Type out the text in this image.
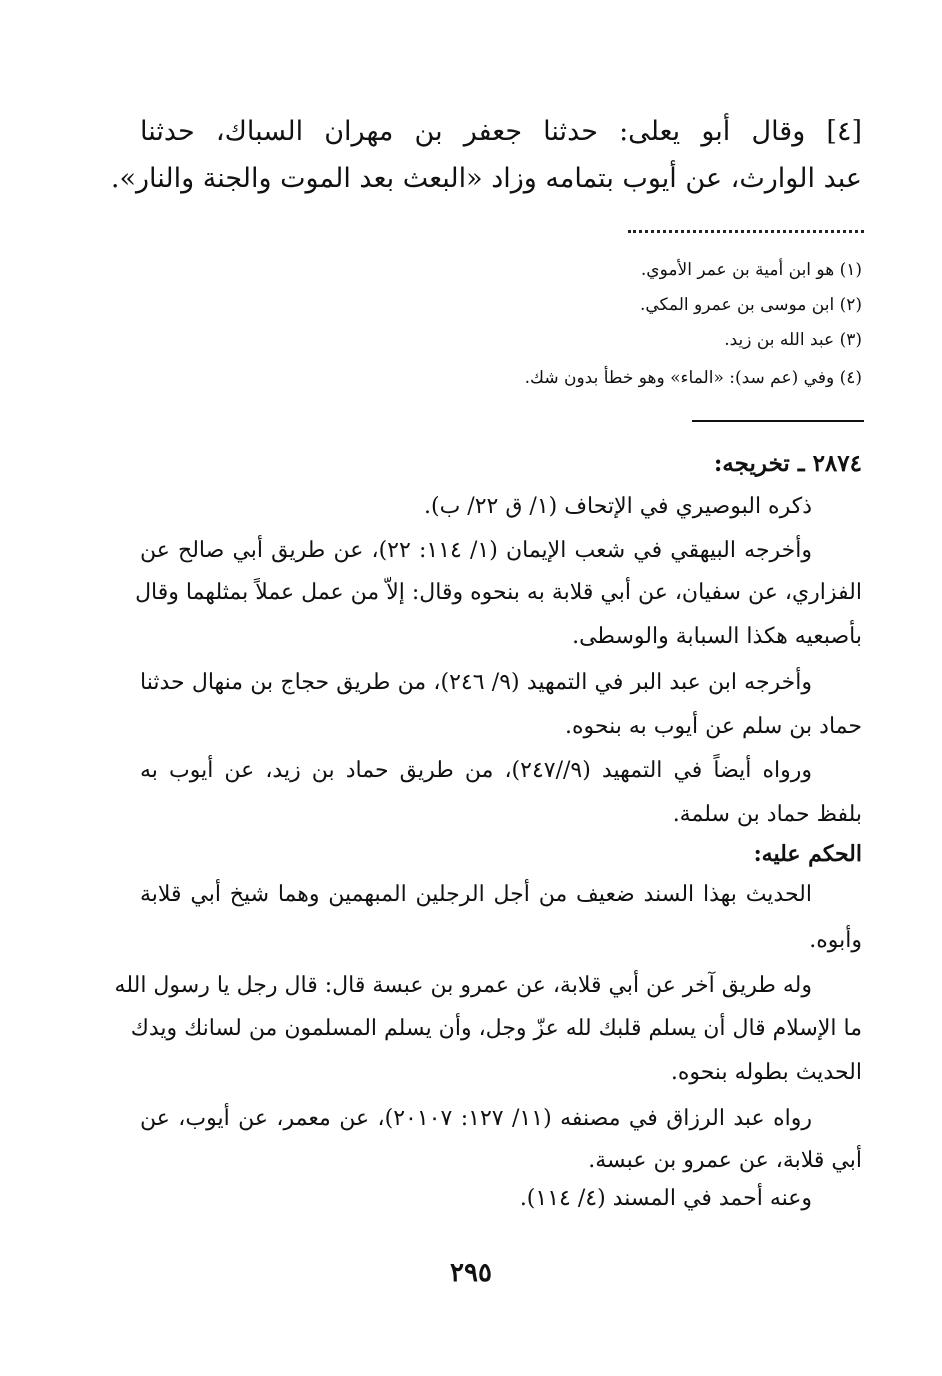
[٤] وقال أبو يعلى: حدثنا جعفر بن مهران السباك، حدثنا

عبد الوارث، عن أيوب بتمامه وزاد «البعث بعد الموت والجنة والنار».

(١) هو ابن أمية بن عمر الأموي.

(٢) ابن موسى بن عمرو المكي.

(٣) عبد الله بن زيد.

(٤) وفي (عم سد): «الماء» وهو خطأ بدون شك.

٢٨٧٤ ـ تخريجه:

ذكره البوصيري في الإتحاف (١/ ق ٢٢/ ب).

وأخرجه البيهقي في شعب الإيمان (١/ ١١٤: ٢٢)، عن طريق أبي صالح عن

الفزاري، عن سفيان، عن أبي قلابة به بنحوه وقال: إلاّ من عمل عملاً بمثلهما وقال

بأصبعيه هكذا السبابة والوسطى.

وأخرجه ابن عبد البر في التمهيد (٩/ ٢٤٦)، من طريق حجاج بن منهال حدثنا

حماد بن سلم عن أيوب به بنحوه.

ورواه أيضاً في التمهيد (٩//٢٤٧)، من طريق حماد بن زيد، عن أيوب به

بلفظ حماد بن سلمة.

الحكم عليه:

الحديث بهذا السند ضعيف من أجل الرجلين المبهمين وهما شيخ أبي قلابة

وأبوه.

وله طريق آخر عن أبي قلابة، عن عمرو بن عبسة قال: قال رجل يا رسول الله

ما الإسلام قال أن يسلم قلبك لله عزّ وجل، وأن يسلم المسلمون من لسانك ويدك

الحديث بطوله بنحوه.

رواه عبد الرزاق في مصنفه (١١/ ١٢٧: ٢٠١٠٧)، عن معمر، عن أيوب، عن

أبي قلابة، عن عمرو بن عبسة.

وعنه أحمد في المسند (٤/ ١١٤).

٢٩٥
